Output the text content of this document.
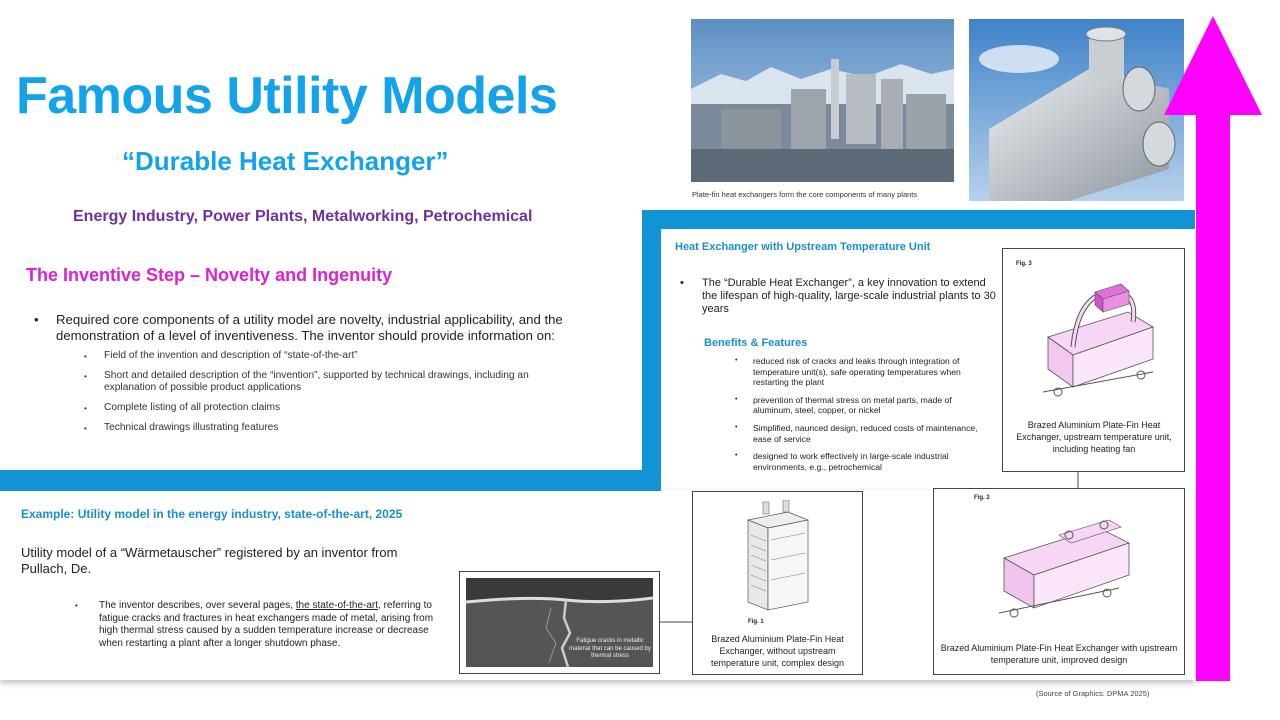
Famous Utility Models
“Durable Heat Exchanger”
Energy Industry, Power Plants, Metalworking, Petrochemical
The Inventive Step – Novelty and Ingenuity
• Required core components of a utility model are novelty, industrial applicability, and the demonstration of a level of inventiveness. The inventor should provide information on:
• Field of the invention and description of “state-of-the-art”
• Short and detailed description of the “invention”, supported by technical drawings, including an explanation of possible product applications
• Complete listing of all protection claims
• Technical drawings illustrating features
Plate-fin heat exchangers form the core components of many plants
Heat Exchanger with Upstream Temperature Unit
• The “Durable Heat Exchanger”, a key innovation to extend the lifespan of high-quality, large-scale industrial plants to 30 years
Benefits & Features
• reduced risk of cracks and leaks through integration of temperature unit(s), safe operating temperatures when restarting the plant
• prevention of thermal stress on metal parts, made of aluminum, steel, copper, or nickel
• Simplified, naunced design, reduced costs of maintenance, ease of service
• designed to work effectively in large-scale industrial environments, e.g., petrochemical
Fig. 3
Brazed Aluminium Plate-Fin Heat Exchanger, upstream temperature unit, including heating fan
Fig. 1
Brazed Aluminium Plate-Fin Heat Exchanger, without upstream temperature unit, complex design
Fig. 2
Brazed Aluminium Plate-Fin Heat Exchanger with upstream temperature unit, improved design
Fatigue cracks in metallic material that can be caused by thermal stress
Example: Utility model in the energy industry, state-of-the-art, 2025
Utility model of a “Wärmetauscher” registered by an inventor from Pullach, De.
• The inventor describes, over several pages, the state-of-the-art, referring to fatigue cracks and fractures in heat exchangers made of metal, arising from high thermal stress caused by a sudden temperature increase or decrease when restarting a plant after a longer shutdown phase.
(Source of Graphics: DPMA 2025)
